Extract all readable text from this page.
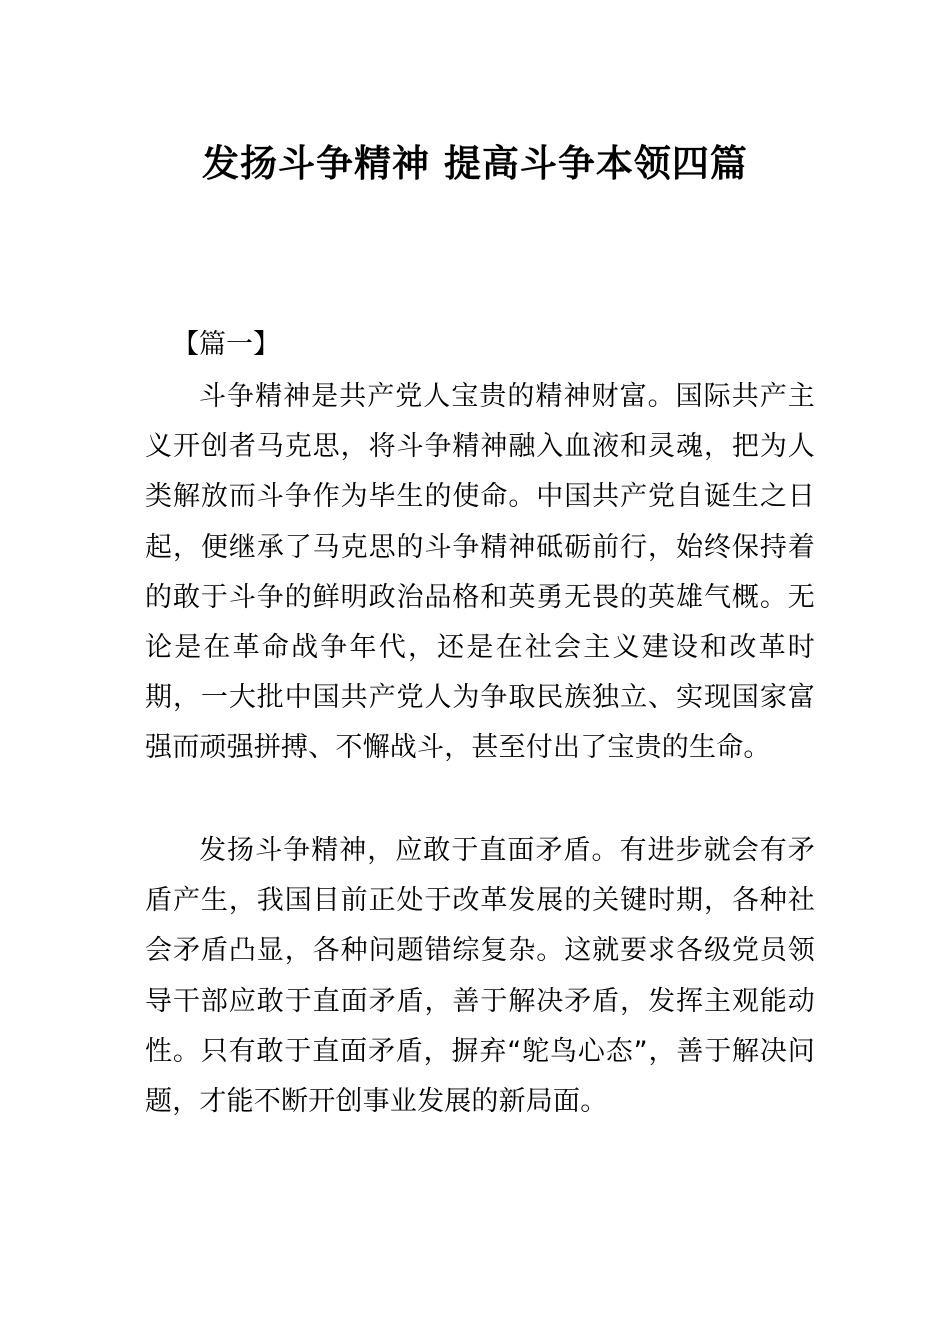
发扬斗争精神 提高斗争本领四篇

【篇一】

斗争精神是共产党人宝贵的精神财富。国际共产主义开创者马克思，将斗争精神融入血液和灵魂，把为人类解放而斗争作为毕生的使命。中国共产党自诞生之日起，便继承了马克思的斗争精神砥砺前行，始终保持着的敢于斗争的鲜明政治品格和英勇无畏的英雄气概。无论是在革命战争年代，还是在社会主义建设和改革时期，一大批中国共产党人为争取民族独立、实现国家富强而顽强拼搏、不懈战斗，甚至付出了宝贵的生命。

发扬斗争精神，应敢于直面矛盾。有进步就会有矛盾产生，我国目前正处于改革发展的关键时期，各种社会矛盾凸显，各种问题错综复杂。这就要求各级党员领导干部应敢于直面矛盾，善于解决矛盾，发挥主观能动性。只有敢于直面矛盾，摒弃“鸵鸟心态”，善于解决问题，才能不断开创事业发展的新局面。
